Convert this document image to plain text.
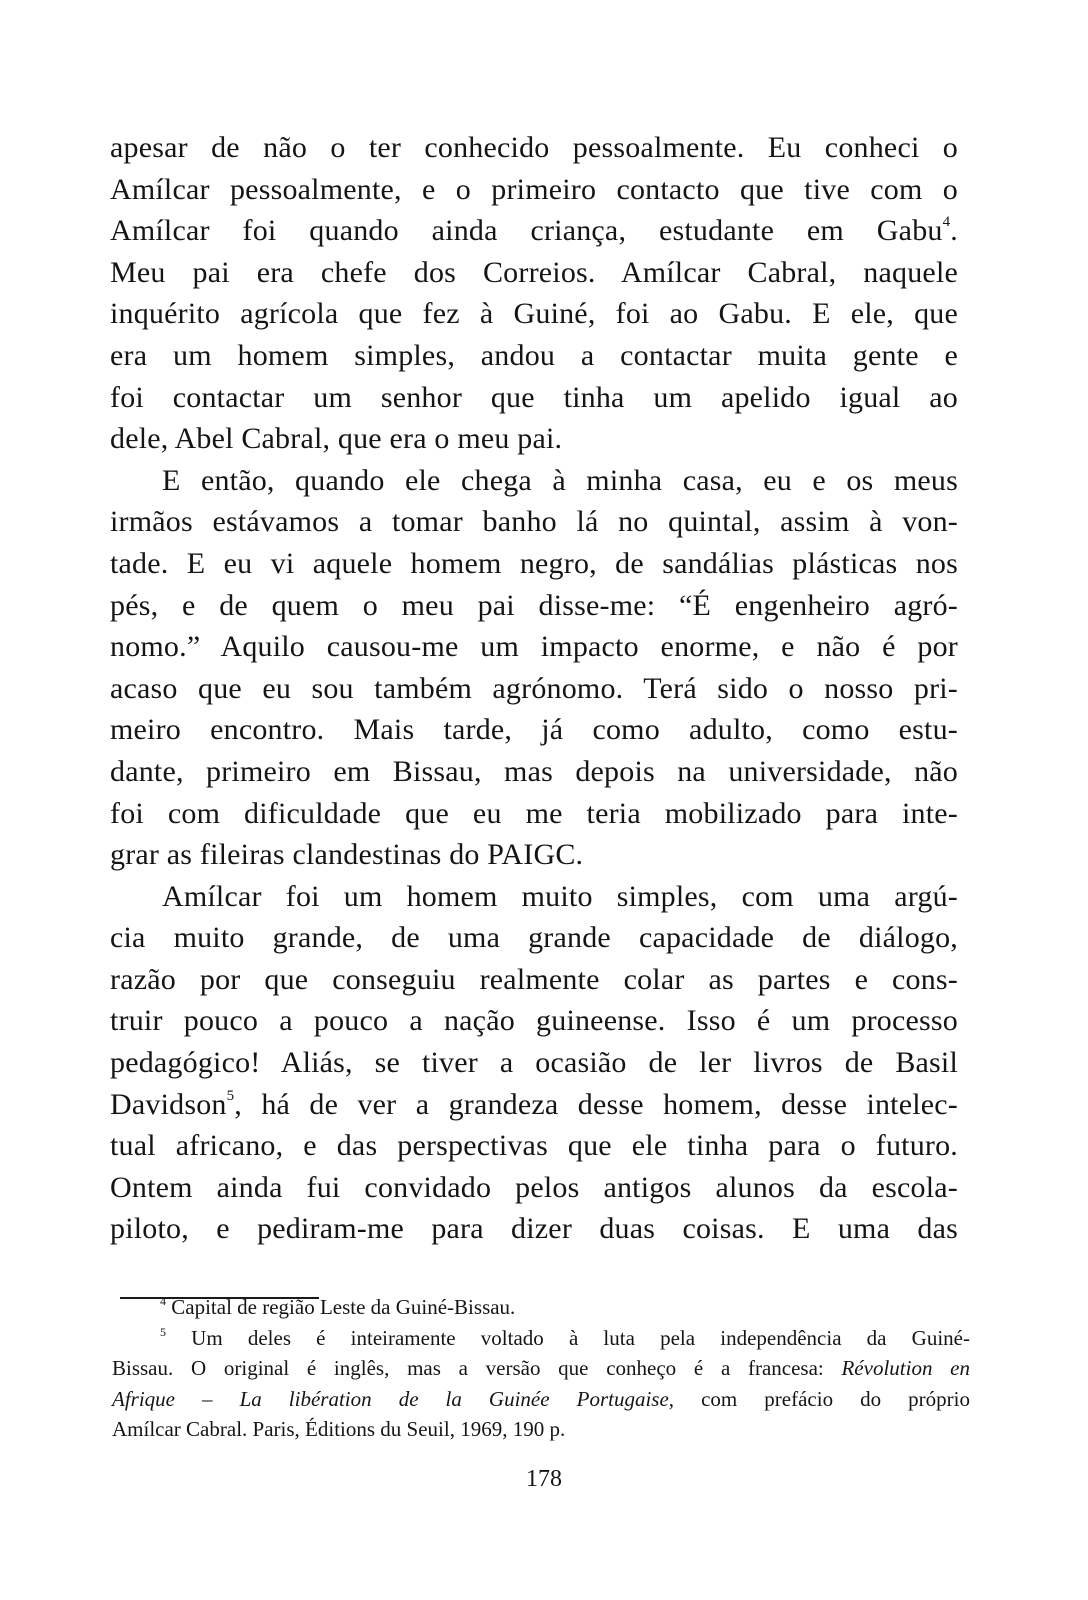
apesar de não o ter conhecido pessoalmente. Eu conheci o
Amílcar pessoalmente, e o primeiro contacto que tive com o
Amílcar foi quando ainda criança, estudante em Gabu$^4$.
Meu pai era chefe dos Correios. Amílcar Cabral, naquele
inquérito agrícola que fez à Guiné, foi ao Gabu. E ele, que
era um homem simples, andou a contactar muita gente e
foi contactar um senhor que tinha um apelido igual ao
dele, Abel Cabral, que era o meu pai.
E então, quando ele chega à minha casa, eu e os meus
irmãos estávamos a tomar banho lá no quintal, assim à von-
tade. E eu vi aquele homem negro, de sandálias plásticas nos
pés, e de quem o meu pai disse-me: “É engenheiro agró-
nomo.” Aquilo causou-me um impacto enorme, e não é por
acaso que eu sou também agrónomo. Terá sido o nosso pri-
meiro encontro. Mais tarde, já como adulto, como estu-
dante, primeiro em Bissau, mas depois na universidade, não
foi com dificuldade que eu me teria mobilizado para inte-
grar as fileiras clandestinas do PAIGC.
Amílcar foi um homem muito simples, com uma argú-
cia muito grande, de uma grande capacidade de diálogo,
razão por que conseguiu realmente colar as partes e cons-
truir pouco a pouco a nação guineense. Isso é um processo
pedagógico! Aliás, se tiver a ocasião de ler livros de Basil
Davidson$^5$, há de ver a grandeza desse homem, desse intelec-
tual africano, e das perspectivas que ele tinha para o futuro.
Ontem ainda fui convidado pelos antigos alunos da escola-
piloto, e pediram-me para dizer duas coisas. E uma das
$^4$ Capital de região Leste da Guiné-Bissau.
$^5$ Um deles é inteiramente voltado à luta pela independência da Guiné-
Bissau. O original é inglês, mas a versão que conheço é a francesa: Révolution en
Afrique – La libération de la Guinée Portugaise, com prefácio do próprio
Amílcar Cabral. Paris, Éditions du Seuil, 1969, 190 p.
178
